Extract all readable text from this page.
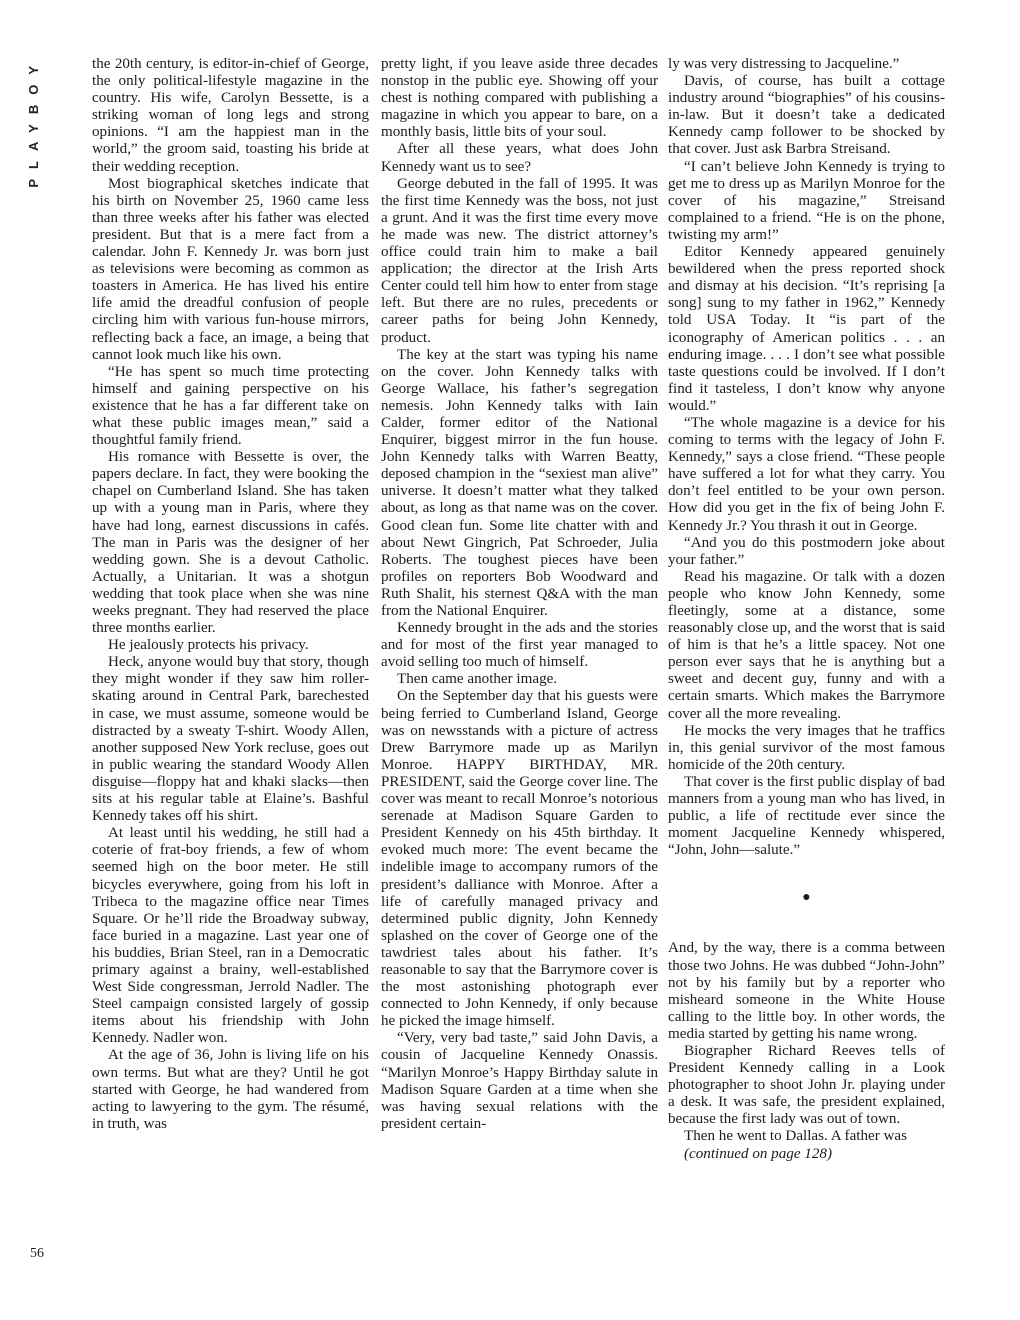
PLAYBOY
56

the 20th century, is editor-in-chief of George, the only political-lifestyle magazine in the country. His wife, Carolyn Bessette, is a striking woman of long legs and strong opinions. “I am the happiest man in the world,” the groom said, toasting his bride at their wedding reception.

Most biographical sketches indicate that his birth on November 25, 1960 came less than three weeks after his father was elected president. But that is a mere fact from a calendar. John F. Kennedy Jr. was born just as televisions were becoming as common as toasters in America. He has lived his entire life amid the dreadful confusion of people circling him with various fun-house mirrors, reflecting back a face, an image, a being that cannot look much like his own.

“He has spent so much time protecting himself and gaining perspective on his existence that he has a far different take on what these public images mean,” said a thoughtful family friend.

His romance with Bessette is over, the papers declare. In fact, they were booking the chapel on Cumberland Island. She has taken up with a young man in Paris, where they have had long, earnest discussions in cafés. The man in Paris was the designer of her wedding gown. She is a devout Catholic. Actually, a Unitarian. It was a shotgun wedding that took place when she was nine weeks pregnant. They had reserved the place three months earlier.

He jealously protects his privacy.

Heck, anyone would buy that story, though they might wonder if they saw him roller-skating around in Central Park, barechested in case, we must assume, someone would be distracted by a sweaty T-shirt. Woody Allen, another supposed New York recluse, goes out in public wearing the standard Woody Allen disguise—floppy hat and khaki slacks—then sits at his regular table at Elaine’s. Bashful Kennedy takes off his shirt.

At least until his wedding, he still had a coterie of frat-boy friends, a few of whom seemed high on the boor meter. He still bicycles everywhere, going from his loft in Tribeca to the magazine office near Times Square. Or he’ll ride the Broadway subway, face buried in a magazine. Last year one of his buddies, Brian Steel, ran in a Democratic primary against a brainy, well-established West Side congressman, Jerrold Nadler. The Steel campaign consisted largely of gossip items about his friendship with John Kennedy. Nadler won.

At the age of 36, John is living life on his own terms. But what are they? Until he got started with George, he had wandered from acting to lawyering to the gym. The résumé, in truth, was

pretty light, if you leave aside three decades nonstop in the public eye. Showing off your chest is nothing compared with publishing a magazine in which you appear to bare, on a monthly basis, little bits of your soul.

After all these years, what does John Kennedy want us to see?

George debuted in the fall of 1995. It was the first time Kennedy was the boss, not just a grunt. And it was the first time every move he made was new. The district attorney’s office could train him to make a bail application; the director at the Irish Arts Center could tell him how to enter from stage left. But there are no rules, precedents or career paths for being John Kennedy, product.

The key at the start was typing his name on the cover. John Kennedy talks with George Wallace, his father’s segregation nemesis. John Kennedy talks with Iain Calder, former editor of the National Enquirer, biggest mirror in the fun house. John Kennedy talks with Warren Beatty, deposed champion in the “sexiest man alive” universe. It doesn’t matter what they talked about, as long as that name was on the cover. Good clean fun. Some lite chatter with and about Newt Gingrich, Pat Schroeder, Julia Roberts. The toughest pieces have been profiles on reporters Bob Woodward and Ruth Shalit, his sternest Q&A with the man from the National Enquirer.

Kennedy brought in the ads and the stories and for most of the first year managed to avoid selling too much of himself.

Then came another image.

On the September day that his guests were being ferried to Cumberland Island, George was on newsstands with a picture of actress Drew Barrymore made up as Marilyn Monroe. HAPPY BIRTHDAY, MR. PRESIDENT, said the George cover line. The cover was meant to recall Monroe’s notorious serenade at Madison Square Garden to President Kennedy on his 45th birthday. It evoked much more: The event became the indelible image to accompany rumors of the president’s dalliance with Monroe. After a life of carefully managed privacy and determined public dignity, John Kennedy splashed on the cover of George one of the tawdriest tales about his father. It’s reasonable to say that the Barrymore cover is the most astonishing photograph ever connected to John Kennedy, if only because he picked the image himself.

“Very, very bad taste,” said John Davis, a cousin of Jacqueline Kennedy Onassis. “Marilyn Monroe’s Happy Birthday salute in Madison Square Garden at a time when she was having sexual relations with the president certain-

ly was very distressing to Jacqueline.”

Davis, of course, has built a cottage industry around “biographies” of his cousins-in-law. But it doesn’t take a dedicated Kennedy camp follower to be shocked by that cover. Just ask Barbra Streisand.

“I can’t believe John Kennedy is trying to get me to dress up as Marilyn Monroe for the cover of his magazine,” Streisand complained to a friend. “He is on the phone, twisting my arm!”

Editor Kennedy appeared genuinely bewildered when the press reported shock and dismay at his decision. “It’s reprising [a song] sung to my father in 1962,” Kennedy told USA Today. It “is part of the iconography of American politics . . . an enduring image. . . . I don’t see what possible taste questions could be involved. If I don’t find it tasteless, I don’t know why anyone would.”

“The whole magazine is a device for his coming to terms with the legacy of John F. Kennedy,” says a close friend. “These people have suffered a lot for what they carry. You don’t feel entitled to be your own person. How did you get in the fix of being John F. Kennedy Jr.? You thrash it out in George.

“And you do this postmodern joke about your father.”

Read his magazine. Or talk with a dozen people who know John Kennedy, some fleetingly, some at a distance, some reasonably close up, and the worst that is said of him is that he’s a little spacey. Not one person ever says that he is anything but a sweet and decent guy, funny and with a certain smarts. Which makes the Barrymore cover all the more revealing.

He mocks the very images that he traffics in, this genial survivor of the most famous homicide of the 20th century.

That cover is the first public display of bad manners from a young man who has lived, in public, a life of rectitude ever since the moment Jacqueline Kennedy whispered, “John, John—salute.”

●

And, by the way, there is a comma between those two Johns. He was dubbed “John-John” not by his family but by a reporter who misheard someone in the White House calling to the little boy. In other words, the media started by getting his name wrong.

Biographer Richard Reeves tells of President Kennedy calling in a Look photographer to shoot John Jr. playing under a desk. It was safe, the president explained, because the first lady was out of town.

Then he went to Dallas. A father was

(continued on page 128)
